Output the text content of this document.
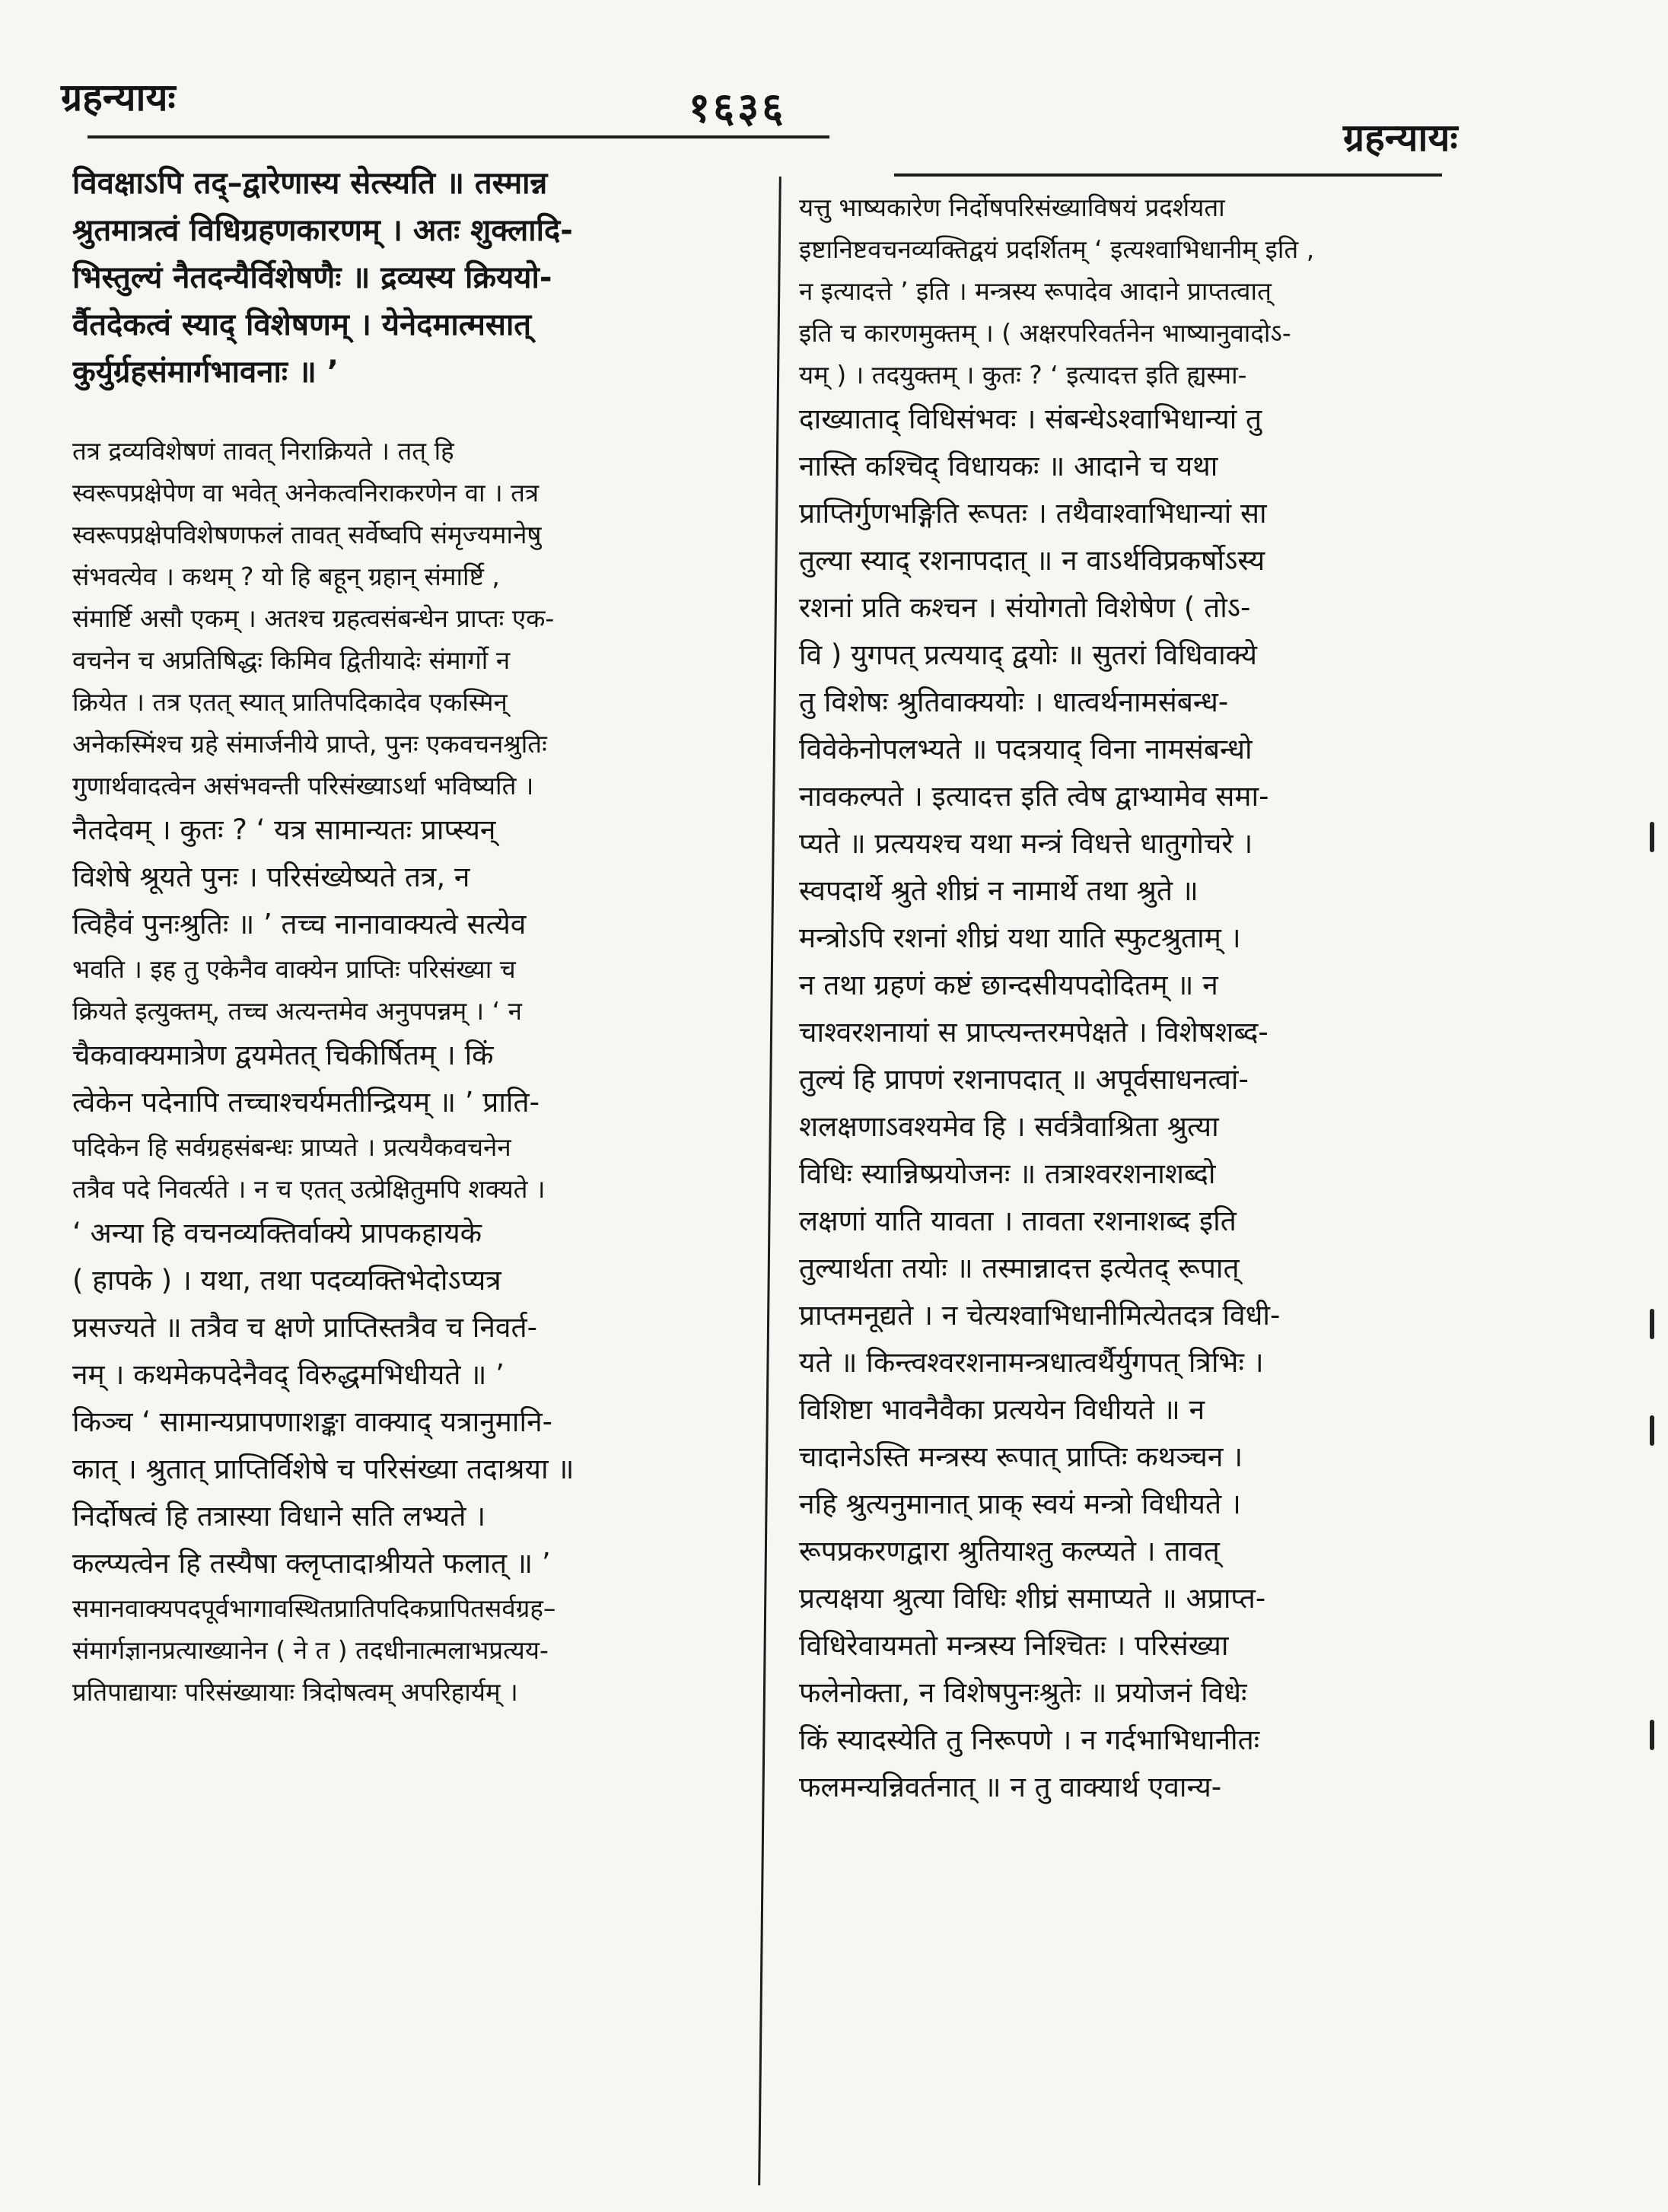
ग्रहन्यायः	१६३६
ग्रहन्यायः
विवक्षाऽपि तद्–द्वारेणास्य सेत्स्यति ॥ तस्मान्न
श्रुतमात्रत्वं विधिग्रहणकारणम् । अतः शुक्लादि-
भिस्तुल्यं नैतदन्यैर्विशेषणैः ॥ द्रव्यस्य क्रिययो-
र्वैतदेकत्वं स्याद् विशेषणम् । येनेदमात्मसात्
कुर्युर्ग्रहसंमार्गभावनाः ॥ ’
तत्र द्रव्यविशेषणं तावत् निराक्रियते । तत् हि
स्वरूपप्रक्षेपेण वा भवेत् अनेकत्वनिराकरणेन वा । तत्र
स्वरूपप्रक्षेपविशेषणफलं तावत् सर्वेष्वपि संमृज्यमानेषु
संभवत्येव । कथम् ? यो हि बहून् ग्रहान् संमार्ष्टि ,
संमार्ष्टि असौ एकम् । अतश्च ग्रहत्वसंबन्धेन प्राप्तः एक-
वचनेन च अप्रतिषिद्धः किमिव द्वितीयादेः संमार्गो न
क्रियेत । तत्र एतत् स्यात् प्रातिपदिकादेव एकस्मिन्
अनेकस्मिंश्च ग्रहे संमार्जनीये प्राप्ते, पुनः एकवचनश्रुतिः
गुणार्थवादत्वेन असंभवन्ती परिसंख्याऽर्था भविष्यति ।
नैतदेवम् । कुतः ? ‘ यत्र सामान्यतः प्राप्स्यन्
विशेषे श्रूयते पुनः । परिसंख्येष्यते तत्र, न
त्विहैवं पुनःश्रुतिः ॥ ’ तच्च नानावाक्यत्वे सत्येव
भवति । इह तु एकेनैव वाक्येन प्राप्तिः परिसंख्या च
क्रियते इत्युक्तम्, तच्च अत्यन्तमेव अनुपपन्नम् । ‘ न
चैकवाक्यमात्रेण द्वयमेतत् चिकीर्षितम् । किं
त्वेकेन पदेनापि तच्चाश्चर्यमतीन्द्रियम् ॥ ’ प्राति-
पदिकेन हि सर्वग्रहसंबन्धः प्राप्यते । प्रत्ययैकवचनेन
तत्रैव पदे निवर्त्यते । न च एतत् उत्प्रेक्षितुमपि शक्यते ।
‘ अन्या हि वचनव्यक्तिर्वाक्ये प्रापकहायके
( हापके ) । यथा, तथा पदव्यक्तिभेदोऽप्यत्र
प्रसज्यते ॥ तत्रैव च क्षणे प्राप्तिस्तत्रैव च निवर्त-
नम् । कथमेकपदेनैवद् विरुद्धमभिधीयते ॥ ’
किञ्च ‘ सामान्यप्रापणाशङ्का वाक्याद् यत्रानुमानि-
कात् । श्रुतात् प्राप्तिर्विशेषे च परिसंख्या तदाश्रया ॥
निर्दोषत्वं हि तत्रास्या विधाने सति लभ्यते ।
कल्प्यत्वेन हि तस्यैषा क्लृप्तादाश्रीयते फलात् ॥ ’
समानवाक्यपदपूर्वभागावस्थितप्रातिपदिकप्रापितसर्वग्रह–
संमार्गज्ञानप्रत्याख्यानेन ( ने त ) तदधीनात्मलाभप्रत्यय-
प्रतिपाद्यायाः परिसंख्यायाः त्रिदोषत्वम् अपरिहार्यम् ।
यत्तु भाष्यकारेण निर्दोषपरिसंख्याविषयं प्रदर्शयता
इष्टानिष्टवचनव्यक्तिद्वयं प्रदर्शितम् ‘ इत्यश्वाभिधानीम् इति ,
न इत्यादत्ते ’ इति । मन्त्रस्य रूपादेव आदाने प्राप्तत्वात्
इति च कारणमुक्तम् । ( अक्षरपरिवर्तनेन भाष्यानुवादोऽ-
यम् ) । तदयुक्तम् । कुतः ? ‘ इत्यादत्त इति ह्यस्मा-
दाख्याताद् विधिसंभवः । संबन्धेऽश्वाभिधान्यां तु
नास्ति कश्चिद् विधायकः ॥ आदाने च यथा
प्राप्तिर्गुणभङ्गिति रूपतः । तथैवाश्वाभिधान्यां सा
तुल्या स्याद् रशनापदात् ॥ न वाऽर्थविप्रकर्षोऽस्य
रशनां प्रति कश्चन । संयोगतो विशेषेण ( तोऽ-
वि ) युगपत् प्रत्ययाद् द्वयोः ॥ सुतरां विधिवाक्ये
तु विशेषः श्रुतिवाक्ययोः । धात्वर्थनामसंबन्ध-
विवेकेनोपलभ्यते ॥ पदत्रयाद् विना नामसंबन्धो
नावकल्पते । इत्यादत्त इति त्वेष द्वाभ्यामेव समा-
प्यते ॥ प्रत्ययश्च यथा मन्त्रं विधत्ते धातुगोचरे ।
स्वपदार्थे श्रुते शीघ्रं न नामार्थे तथा श्रुते ॥
मन्त्रोऽपि रशनां शीघ्रं यथा याति स्फुटश्रुताम् ।
न तथा ग्रहणं कष्टं छान्दसीयपदोदितम् ॥ न
चाश्वरशनायां स प्राप्त्यन्तरमपेक्षते । विशेषशब्द-
तुल्यं हि प्रापणं रशनापदात् ॥ अपूर्वसाधनत्वां-
शलक्षणाऽवश्यमेव हि । सर्वत्रैवाश्रिता श्रुत्या
विधिः स्यान्निष्प्रयोजनः ॥ तत्राश्वरशनाशब्दो
लक्षणां याति यावता । तावता रशनाशब्द इति
तुल्यार्थता तयोः ॥ तस्मान्नादत्त इत्येतद् रूपात्
प्राप्तमनूद्यते । न चेत्यश्वाभिधानीमित्येतदत्र विधी-
यते ॥ किन्त्वश्वरशनामन्त्रधात्वर्थैर्युगपत् त्रिभिः ।
विशिष्टा भावनैवैका प्रत्ययेन विधीयते ॥ न
चादानेऽस्ति मन्त्रस्य रूपात् प्राप्तिः कथञ्चन ।
नहि श्रुत्यनुमानात् प्राक् स्वयं मन्त्रो विधीयते ।
रूपप्रकरणद्वारा श्रुतियाश्तु कल्प्यते । तावत्
प्रत्यक्षया श्रुत्या विधिः शीघ्रं समाप्यते ॥ अप्राप्त-
विधिरेवायमतो मन्त्रस्य निश्चितः । परिसंख्या
फलेनोक्ता, न विशेषपुनःश्रुतेः ॥ प्रयोजनं विधेः
किं स्यादस्येति तु निरूपणे । न गर्दभाभिधानीतः
फलमन्यन्निवर्तनात् ॥ न तु वाक्यार्थ एवान्य-
